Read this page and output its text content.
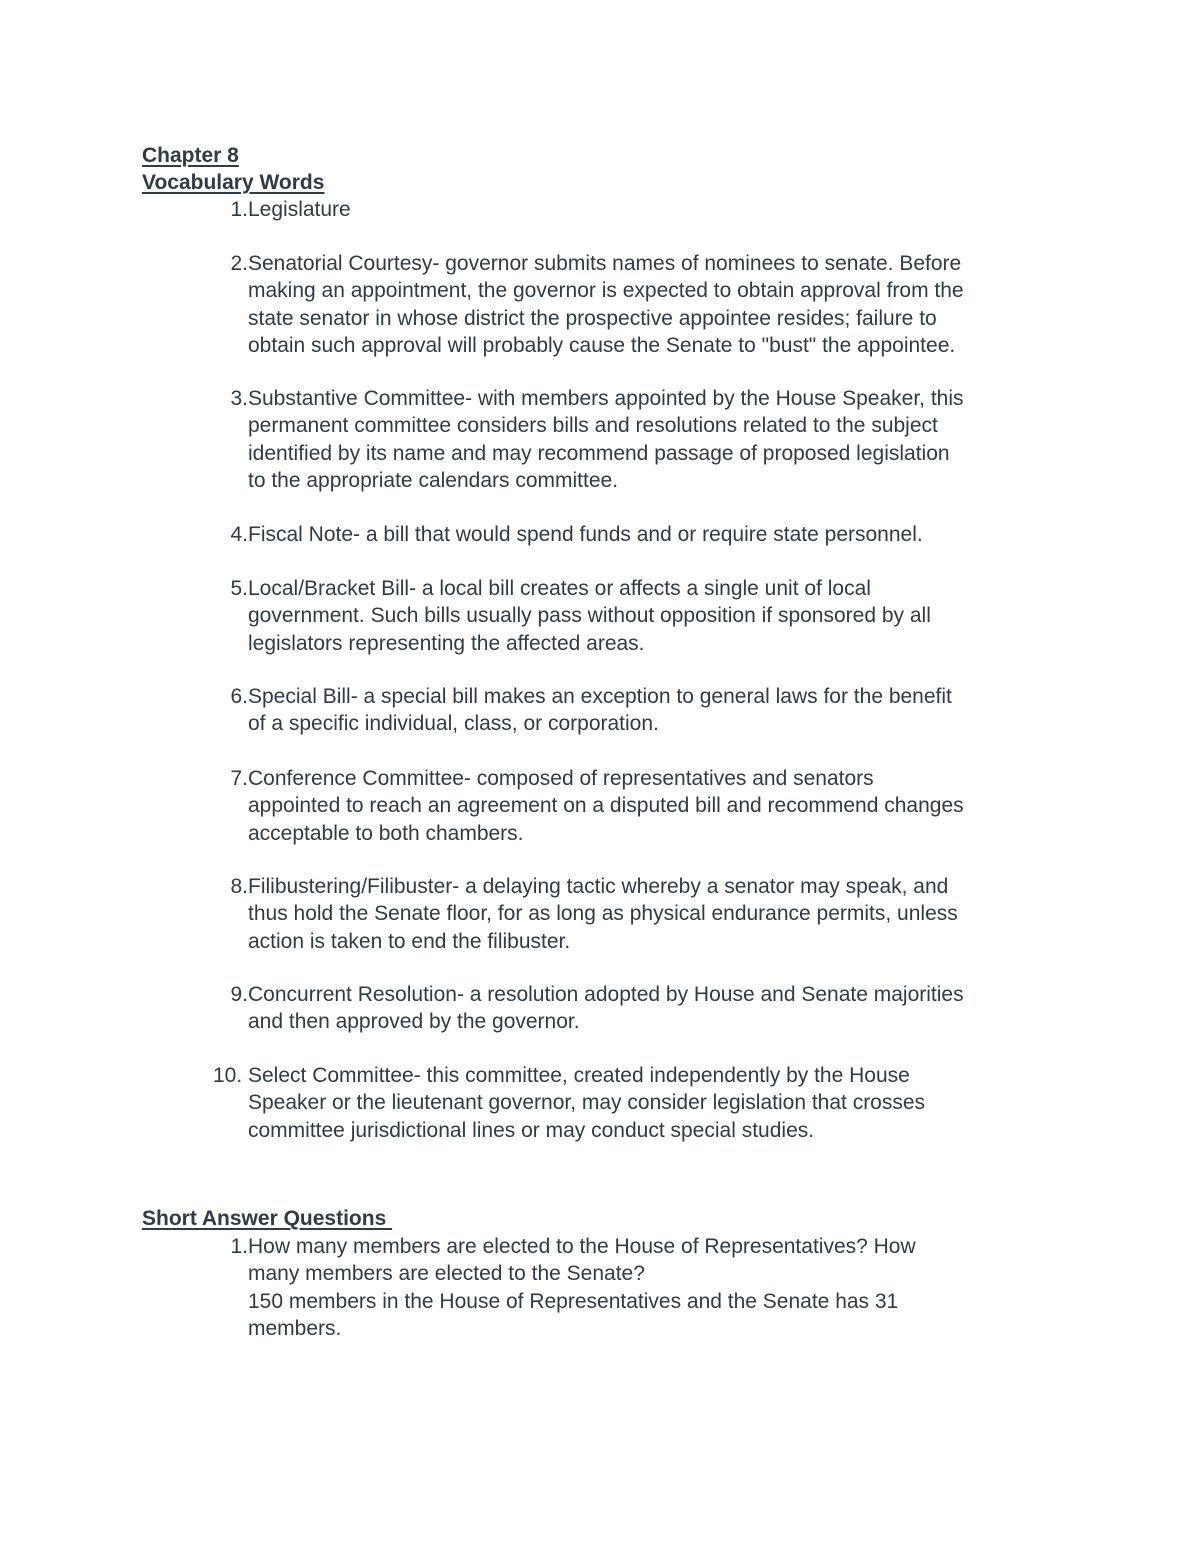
Chapter 8
Vocabulary Words
1. Legislature
2. Senatorial Courtesy- governor submits names of nominees to senate. Before
making an appointment, the governor is expected to obtain approval from the
state senator in whose district the prospective appointee resides; failure to
obtain such approval will probably cause the Senate to "bust" the appointee.
3. Substantive Committee- with members appointed by the House Speaker, this
permanent committee considers bills and resolutions related to the subject
identified by its name and may recommend passage of proposed legislation
to the appropriate calendars committee.
4. Fiscal Note- a bill that would spend funds and or require state personnel.
5. Local/Bracket Bill- a local bill creates or affects a single unit of local
government. Such bills usually pass without opposition if sponsored by all
legislators representing the affected areas.
6. Special Bill- a special bill makes an exception to general laws for the benefit
of a specific individual, class, or corporation.
7. Conference Committee- composed of representatives and senators
appointed to reach an agreement on a disputed bill and recommend changes
acceptable to both chambers.
8. Filibustering/Filibuster- a delaying tactic whereby a senator may speak, and
thus hold the Senate floor, for as long as physical endurance permits, unless
action is taken to end the filibuster.
9. Concurrent Resolution- a resolution adopted by House and Senate majorities
and then approved by the governor.
10. Select Committee- this committee, created independently by the House
Speaker or the lieutenant governor, may consider legislation that crosses
committee jurisdictional lines or may conduct special studies.
Short Answer Questions
1. How many members are elected to the House of Representatives? How
many members are elected to the Senate?
150 members in the House of Representatives and the Senate has 31
members.
